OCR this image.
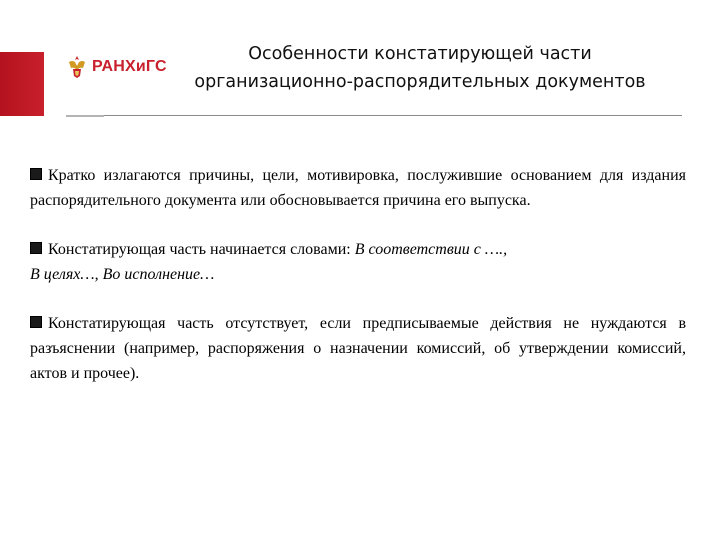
РАНХиГС
Особенности констатирующей части
организационно-распорядительных документов

Кратко излагаются причины, цели, мотивировка, послужившие основанием для издания распорядительного документа или обосновывается причина его выпуска.

Констатирующая часть начинается словами: В соответствии с ….,
В целях…, Во исполнение…

Констатирующая часть отсутствует, если предписываемые действия не нуждаются в разъяснении (например, распоряжения о назначении комиссий, об утверждении комиссий, актов и прочее).
